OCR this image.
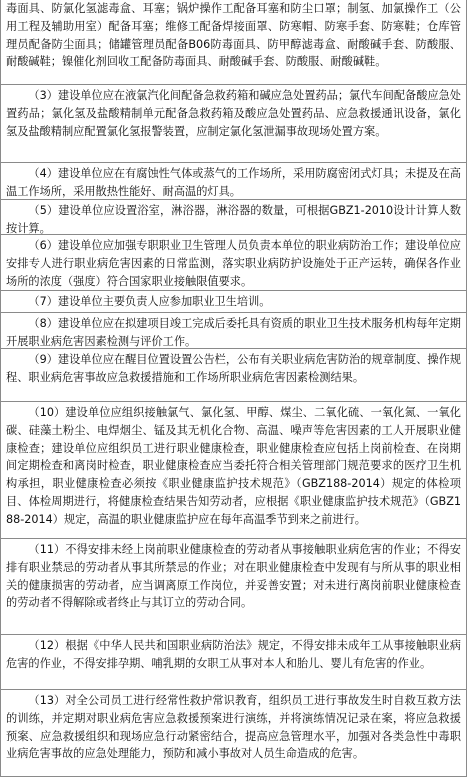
毒面具、防氯化氢滤毒盒、耳塞；锅炉操作工配备耳塞和防尘口罩；制氢、加氯操作工（公用工程及辅助用室）配备耳塞；维修工配备焊接面罩、防寒帽、防寒手套、防寒鞋；仓库管理员配备防尘面具；储罐管理员配备B06防毒面具、防甲醇滤毒盒、耐酸碱手套、防酸服、耐酸碱鞋；镍催化剂回收工配备防毒面具、耐酸碱手套、防酸服、耐酸碱鞋。
（3）建设单位应在液氯汽化间配备急救药箱和碱应急处置药品；氯代车间配备酸应急处置药品；氯化氢及盐酸精制单元配备急救药箱及酸应急处置药品、应急救援通讯设备，氯化氢及盐酸精制应配置氯化氢报警装置，应制定氯化氢泄漏事故现场处置方案。
（4）建设单位应在有腐蚀性气体或蒸气的工作场所，采用防腐密闭式灯具；未提及在高温工作场所，采用散热性能好、耐高温的灯具。
（5）建设单位应设置浴室，淋浴器，淋浴器的数量，可根据GBZ1-2010设计计算人数按计算。
（6）建设单位应加强专职职业卫生管理人员负责本单位的职业病防治工作；建设单位应安排专人进行职业病危害因素的日常监测，落实职业病防护设施处于正产运转，确保各作业场所的浓度（强度）符合国家职业接触限值要求。
（7）建设单位主要负责人应参加职业卫生培训。
（8）建设单位应在拟建项目竣工完成后委托具有资质的职业卫生技术服务机构每年定期开展职业病危害因素检测与评价工作。
（9）建设单位应在醒目位置设置公告栏，公布有关职业病危害防治的规章制度、操作规程、职业病危害事故应急救援措施和工作场所职业病危害因素检测结果。
（10）建设单位应组织接触氯气、氯化氢、甲醇、煤尘、二氧化硫、一氧化氮、一氧化碳、硅藻土粉尘、电焊烟尘、锰及其无机化合物、高温、噪声等危害因素的工人开展职业健康检查；建设单位应组织员工进行职业健康检查，职业健康检查应包括上岗前检查、在岗期间定期检查和离岗时检查，职业健康检查应当委托符合相关管理部门规范要求的医疗卫生机构承担，职业健康检查必须按《职业健康监护技术规范》（GBZ188-2014）规定的体检项目、体检周期进行，将健康检查结果告知劳动者，应根据《职业健康监护技术规范》（GBZ188-2014）规定，高温的职业健康监护应在每年高温季节到来之前进行。
（11）不得安排未经上岗前职业健康检查的劳动者从事接触职业病危害的作业；不得安排有职业禁忌的劳动者从事其所禁忌的作业；对在职业健康检查中发现有与所从事的职业相关的健康损害的劳动者，应当调离原工作岗位，并妥善安置；对未进行离岗前职业健康检查的劳动者不得解除或者终止与其订立的劳动合同。
（12）根据《中华人民共和国职业病防治法》规定，不得安排未成年工从事接触职业病危害的作业，不得安排孕期、哺乳期的女职工从事对本人和胎儿、婴儿有危害的作业。
（13）对全公司员工进行经常性救护常识教育，组织员工进行事故发生时自救互救方法的训练，并定期对职业病危害应急救援预案进行演练，并将演练情况记录在案，将应急救援预案、应急救援组织和现场应急行动紧密结合，提高应急管理水平，加强对各类急性中毒职业病危害事故的应急处理能力，预防和减小事故对人员生命造成的危害。
